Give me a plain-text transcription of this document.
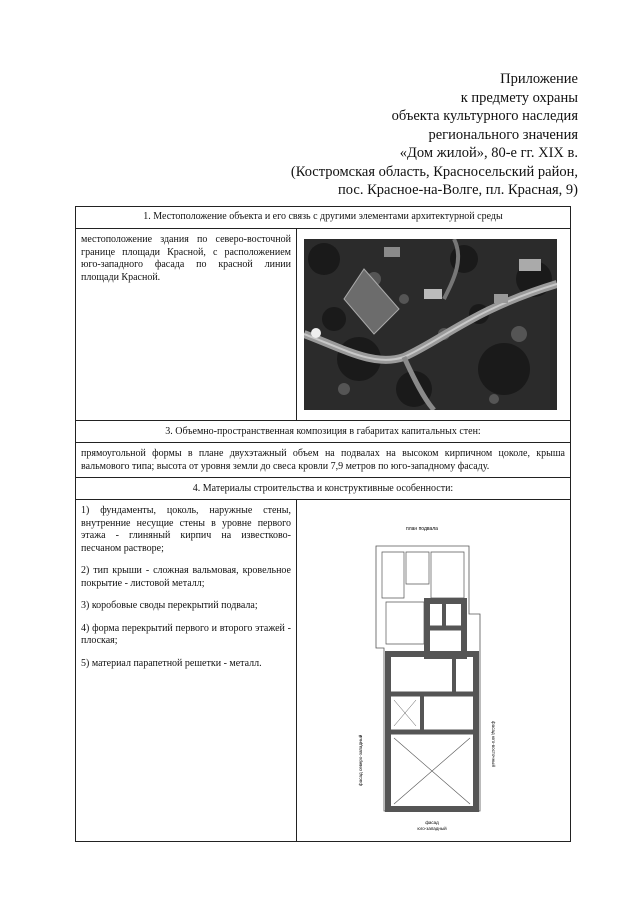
Приложение
к предмету охраны
объекта культурного наследия
регионального значения
«Дом жилой», 80-е гг. XIX в.
(Костромская область, Красносельский район,
пос. Красное-на-Волге, пл. Красная, 9)
1. Местоположение объекта и его связь с другими элементами архитектурной среды
местоположение здания по северо-восточной границе площади Красной, с расположением юго-западного фасада по красной линии площади Красной.
3. Объемно-пространственная композиция в габаритах капитальных стен:
прямоугольной формы в плане двухэтажный объем на подвалах на высоком кирпичном цоколе, крыша вальмового типа; высота от уровня земли до свеса кровли 7,9 метров по юго-западному фасаду.
4. Материалы строительства и конструктивные особенности:
1) фундаменты, цоколь, наружные стены, внутренние несущие стены в уровне первого этажа - глиняный кирпич на известково-песчаном растворе;
2) тип крыши - сложная вальмовая, кровельное покрытие - листовой металл;
3) коробовые своды перекрытий подвала;
4) форма перекрытий первого и второго этажей - плоская;
5) материал парапетной решетки - металл.
план подвала
фасад северо-западный	фасад юго-восточный
фасад
юго-западный
